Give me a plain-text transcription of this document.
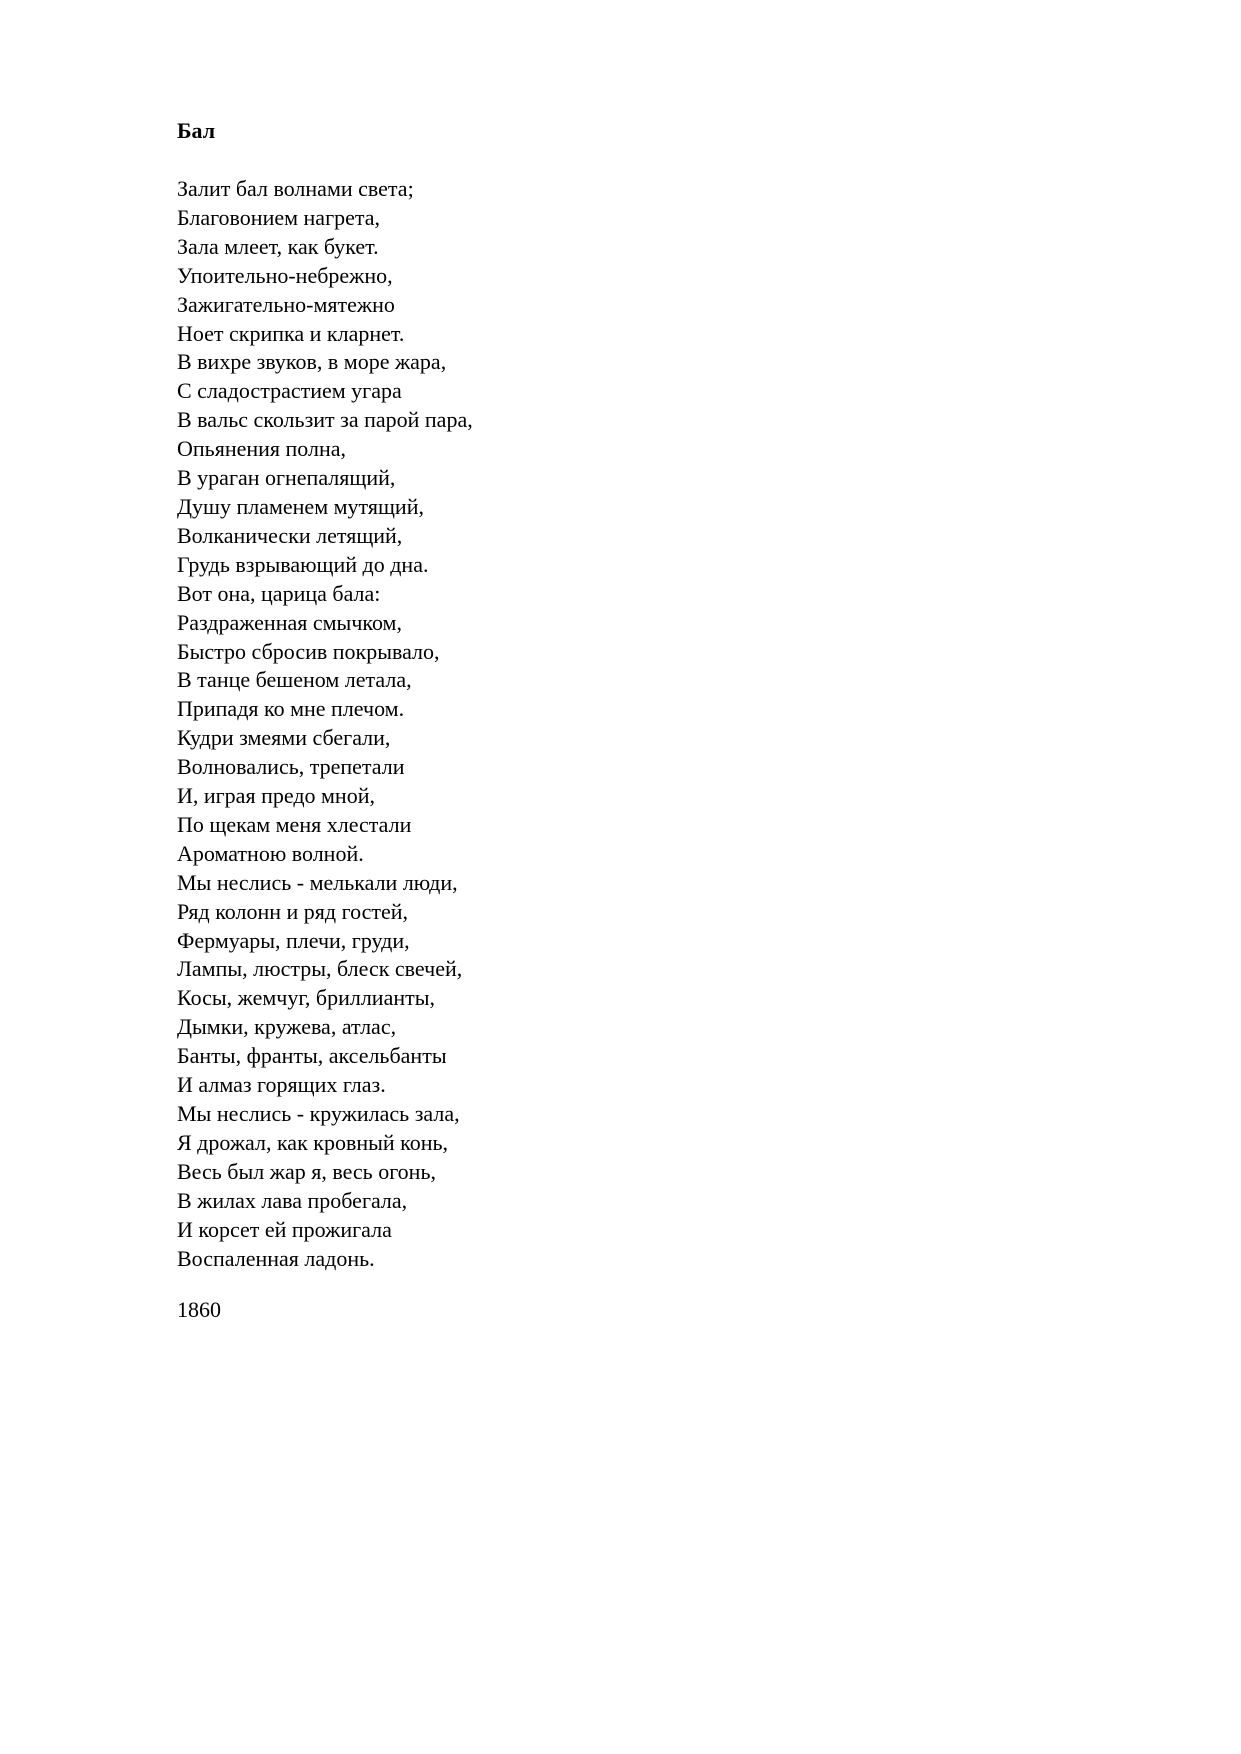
Бал
Залит бал волнами света;
Благовонием нагрета,
Зала млеет, как букет.
Упоительно-небрежно,
Зажигательно-мятежно
Ноет скрипка и кларнет.
В вихре звуков, в море жара,
С сладострастием угара
В вальс скользит за парой пара,
Опьянения полна,
В ураган огнепалящий,
Душу пламенем мутящий,
Волканически летящий,
Грудь взрывающий до дна.
Вот она, царица бала:
Раздраженная смычком,
Быстро сбросив покрывало,
В танце бешеном летала,
Припадя ко мне плечом.
Кудри змеями сбегали,
Волновались, трепетали
И, играя предо мной,
По щекам меня хлестали
Ароматною волной.
Мы неслись - мелькали люди,
Ряд колонн и ряд гостей,
Фермуары, плечи, груди,
Лампы, люстры, блеск свечей,
Косы, жемчуг, бриллианты,
Дымки, кружева, атлас,
Банты, франты, аксельбанты
И алмаз горящих глаз.
Мы неслись - кружилась зала,
Я дрожал, как кровный конь,
Весь был жар я, весь огонь,
В жилах лава пробегала,
И корсет ей прожигала
Воспаленная ладонь.
1860
